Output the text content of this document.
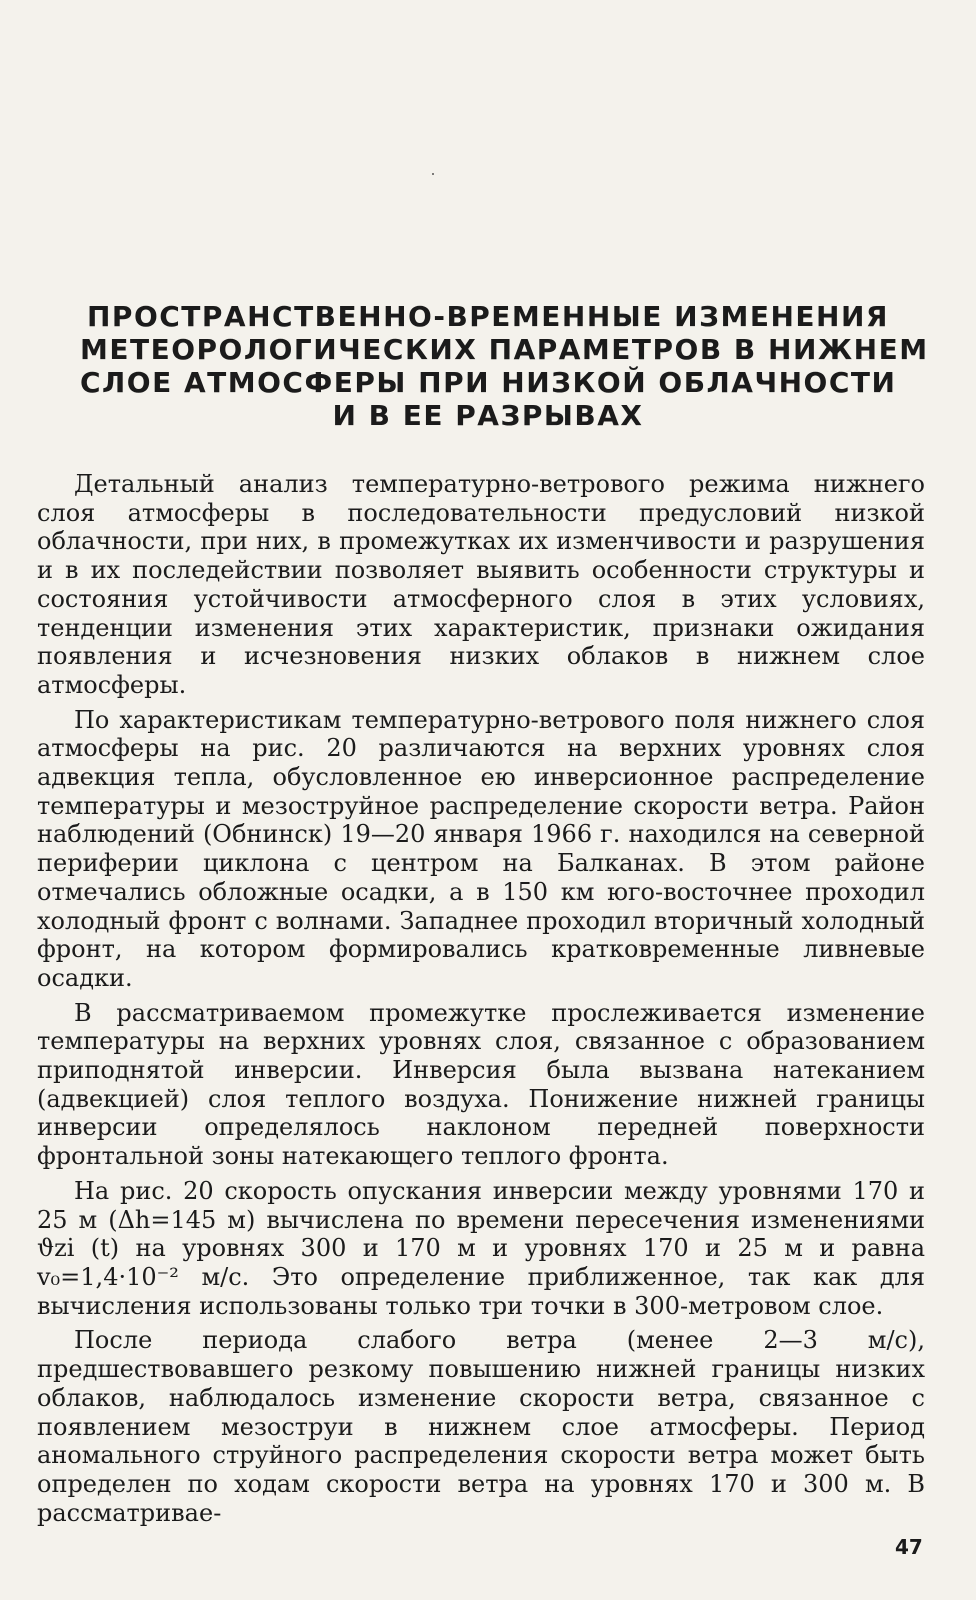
ПРОСТРАНСТВЕННО-ВРЕМЕННЫЕ ИЗМЕНЕНИЯ
МЕТЕОРОЛОГИЧЕСКИХ ПАРАМЕТРОВ В НИЖНЕМ
СЛОЕ АТМОСФЕРЫ ПРИ НИЗКОЙ ОБЛАЧНОСТИ
И В ЕЕ РАЗРЫВАХ

Детальный анализ температурно-ветрового режима нижнего слоя атмосферы в последовательности предусловий низкой облачности, при них, в промежутках их изменчивости и разрушения и в их последействии позволяет выявить особенности структуры и состояния устойчивости атмосферного слоя в этих условиях, тенденции изменения этих характеристик, признаки ожидания появления и исчезновения низких облаков в нижнем слое атмосферы.

По характеристикам температурно-ветрового поля нижнего слоя атмосферы на рис. 20 различаются на верхних уровнях слоя адвекция тепла, обусловленное ею инверсионное распределение температуры и мезоструйное распределение скорости ветра. Район наблюдений (Обнинск) 19—20 января 1966 г. находился на северной периферии циклона с центром на Балканах. В этом районе отмечались обложные осадки, а в 150 км юго-восточнее проходил холодный фронт с волнами. Западнее проходил вторичный холодный фронт, на котором формировались кратковременные ливневые осадки.

В рассматриваемом промежутке прослеживается изменение температуры на верхних уровнях слоя, связанное с образованием приподнятой инверсии. Инверсия была вызвана натеканием (адвекцией) слоя теплого воздуха. Понижение нижней границы инверсии определялось наклоном передней поверхности фронтальной зоны натекающего теплого фронта.

На рис. 20 скорость опускания инверсии между уровнями 170 и 25 м (Δh=145 м) вычислена по времени пересечения изменениями ϑzi (t) на уровнях 300 и 170 м и уровнях 170 и 25 м и равна v₀=1,4·10⁻² м/с. Это определение приближенное, так как для вычисления использованы только три точки в 300-метровом слое.

После периода слабого ветра (менее 2—3 м/с), предшествовавшего резкому повышению нижней границы низких облаков, наблюдалось изменение скорости ветра, связанное с появлением мезоструи в нижнем слое атмосферы. Период аномального струйного распределения скорости ветра может быть определен по ходам скорости ветра на уровнях 170 и 300 м. В рассматривае-

47
